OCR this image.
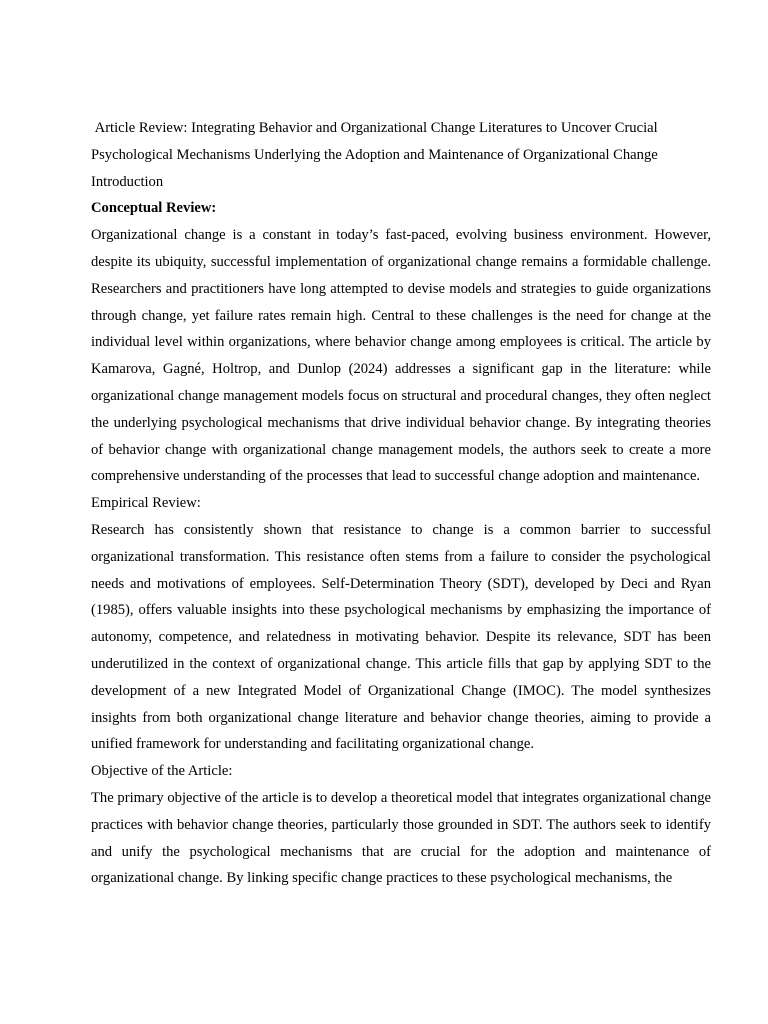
Article Review: Integrating Behavior and Organizational Change Literatures to Uncover Crucial

Psychological Mechanisms Underlying the Adoption and Maintenance of Organizational Change

Introduction

Conceptual Review:

Organizational change is a constant in today’s fast-paced, evolving business environment. However, despite its ubiquity, successful implementation of organizational change remains a formidable challenge. Researchers and practitioners have long attempted to devise models and strategies to guide organizations through change, yet failure rates remain high. Central to these challenges is the need for change at the individual level within organizations, where behavior change among employees is critical. The article by Kamarova, Gagné, Holtrop, and Dunlop (2024) addresses a significant gap in the literature: while organizational change management models focus on structural and procedural changes, they often neglect the underlying psychological mechanisms that drive individual behavior change. By integrating theories of behavior change with organizational change management models, the authors seek to create a more comprehensive understanding of the processes that lead to successful change adoption and maintenance.

Empirical Review:

Research has consistently shown that resistance to change is a common barrier to successful organizational transformation. This resistance often stems from a failure to consider the psychological needs and motivations of employees. Self-Determination Theory (SDT), developed by Deci and Ryan (1985), offers valuable insights into these psychological mechanisms by emphasizing the importance of autonomy, competence, and relatedness in motivating behavior. Despite its relevance, SDT has been underutilized in the context of organizational change. This article fills that gap by applying SDT to the development of a new Integrated Model of Organizational Change (IMOC). The model synthesizes insights from both organizational change literature and behavior change theories, aiming to provide a unified framework for understanding and facilitating organizational change.

Objective of the Article:

The primary objective of the article is to develop a theoretical model that integrates organizational change practices with behavior change theories, particularly those grounded in SDT. The authors seek to identify and unify the psychological mechanisms that are crucial for the adoption and maintenance of organizational change. By linking specific change practices to these psychological mechanisms, the
